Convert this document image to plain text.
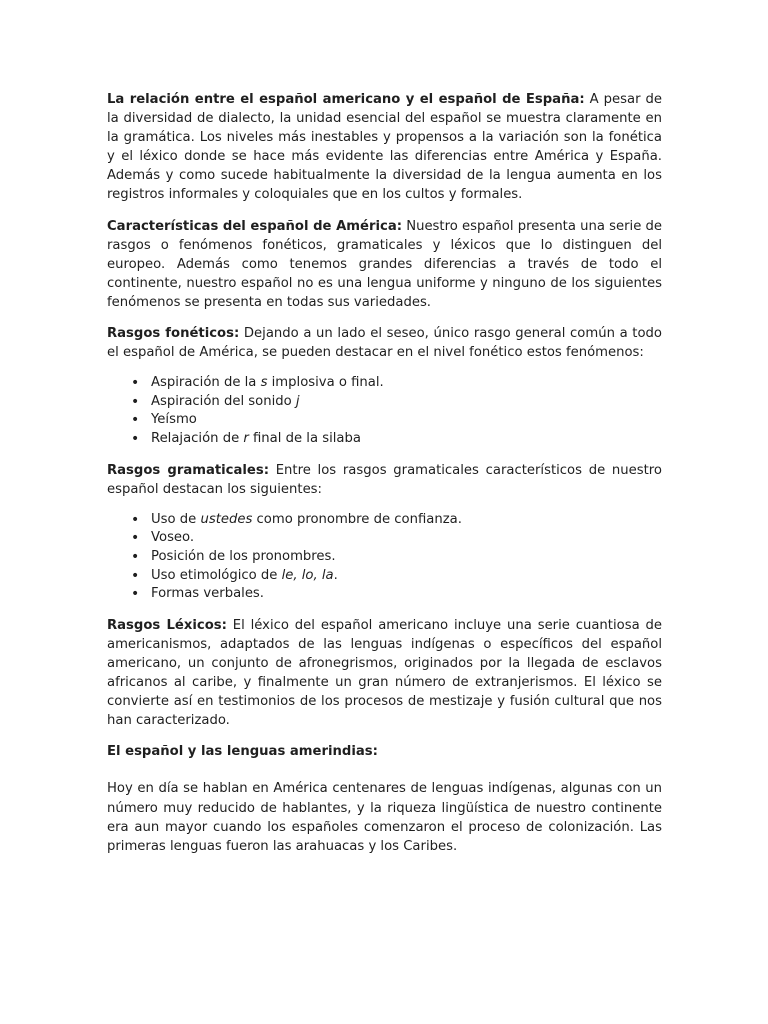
La relación entre el español americano y el español de España: A pesar de la diversidad de dialecto, la unidad esencial del español se muestra claramente en la gramática. Los niveles más inestables y propensos a la variación son la fonética y el léxico donde se hace más evidente las diferencias entre América y España. Además y como sucede habitualmente la diversidad de la lengua aumenta en los registros informales y coloquiales que en los cultos y formales.

Características del español de América: Nuestro español presenta una serie de rasgos o fenómenos fonéticos, gramaticales y léxicos que lo distinguen del europeo. Además como tenemos grandes diferencias a través de todo el continente, nuestro español no es una lengua uniforme y ninguno de los siguientes fenómenos se presenta en todas sus variedades.

Rasgos fonéticos: Dejando a un lado el seseo, único rasgo general común a todo el español de América, se pueden destacar en el nivel fonético estos fenómenos:

• Aspiración de la s implosiva o final.
• Aspiración del sonido j
• Yeísmo
• Relajación de r final de la silaba

Rasgos gramaticales: Entre los rasgos gramaticales característicos de nuestro español destacan los siguientes:

• Uso de ustedes como pronombre de confianza.
• Voseo.
• Posición de los pronombres.
• Uso etimológico de le, lo, la.
• Formas verbales.

Rasgos Léxicos: El léxico del español americano incluye una serie cuantiosa de americanismos, adaptados de las lenguas indígenas o específicos del español americano, un conjunto de afronegrismos, originados por la llegada de esclavos africanos al caribe, y finalmente un gran número de extranjerismos. El léxico se convierte así en testimonios de los procesos de mestizaje y fusión cultural que nos han caracterizado.

El español y las lenguas amerindias:

Hoy en día se hablan en América centenares de lenguas indígenas, algunas con un número muy reducido de hablantes, y la riqueza lingüística de nuestro continente era aun mayor cuando los españoles comenzaron el proceso de colonización. Las primeras lenguas fueron las arahuacas y los Caribes.
